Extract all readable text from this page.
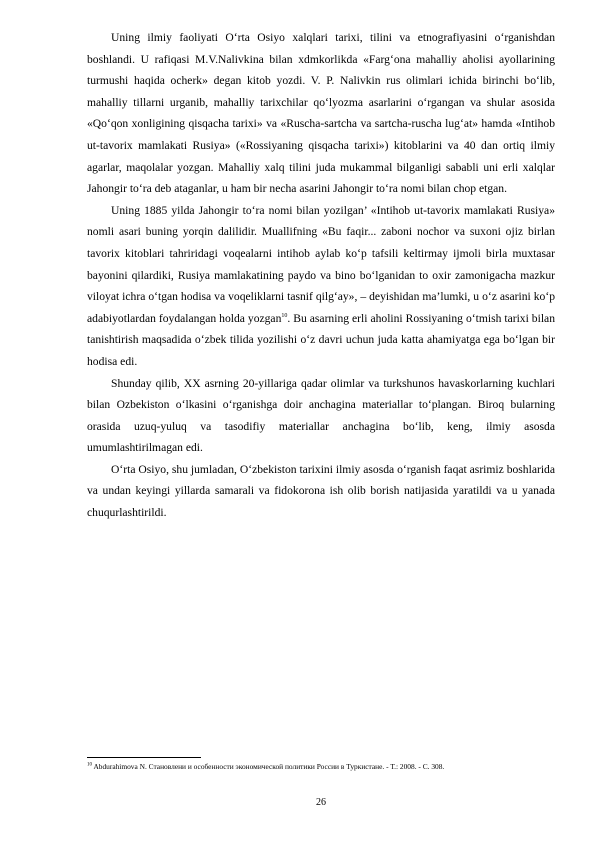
Uning ilmiy faoliyati O‘rta Osiyo xalqlari tarixi, tilini va etnografiyasini o‘rganishdan boshlandi. U rafiqasi M.V.Nalivkina bilan xdmkorlikda «Farg‘ona mahalliy aholisi ayollarining turmushi haqida ocherk» degan kitob yozdi. V. P. Nalivkin rus olimlari ichida birinchi bo‘lib, mahalliy tillarni urganib, mahalliy tarixchilar qo‘lyozma asarlarini o‘rgangan va shular asosida «Qo‘qon xonligining qisqacha tarixi» va «Ruscha-sartcha va sartcha-ruscha lug‘at» hamda «Intihob ut-tavorix mamlakati Rusiya» («Rossiyaning qisqacha tarixi») kitoblarini va 40 dan ortiq ilmiy agarlar, maqolalar yozgan. Mahalliy xalq tilini juda mukammal bilganligi sababli uni erli xalqlar Jahongir to‘ra deb ataganlar, u ham bir necha asarini Jahongir to‘ra nomi bilan chop etgan.

Uning 1885 yilda Jahongir to‘ra nomi bilan yozilgan’ «Intihob ut-tavorix mamlakati Rusiya» nomli asari buning yorqin dalilidir. Muallifning «Bu faqir... zaboni nochor va suxoni ojiz birlan tavorix kitoblari tahriridagi voqealarni intihob aylab ko‘p tafsili keltirmay ijmoli birla muxtasar bayonini qilardiki, Rusiya mamlakatining paydo va bino bo‘lganidan to oxir zamonigacha mazkur viloyat ichra o‘tgan hodisa va voqeliklarni tasnif qilg‘ay», – deyishidan ma’lumki, u o‘z asarini ko‘p adabiyotlardan foydalangan holda yozgan$^{10}$. Bu asarning erli aholini Rossiyaning o‘tmish tarixi bilan tanishtirish maqsadida o‘zbek tilida yozilishi o‘z davri uchun juda katta ahamiyatga ega bo‘lgan bir hodisa edi.

Shunday qilib, XX asrning 20-yillariga qadar olimlar va turkshunos havaskorlarning kuchlari bilan Ozbekiston o‘lkasini o‘rganishga doir anchagina materiallar to‘plangan. Biroq bularning orasida uzuq-yuluq va tasodifiy materiallar anchagina bo‘lib, keng, ilmiy asosda umumlashtirilmagan edi.

O‘rta Osiyo, shu jumladan, O‘zbekiston tarixini ilmiy asosda o‘rganish faqat asrimiz boshlarida va undan keyingi yillarda samarali va fidokorona ish olib borish natijasida yaratildi va u yanada chuqurlashtirildi.

$^{10}$ Abdurahimova N. Становлени и особенности экономической политики России в Туркистане. - Т.: 2008. - С. 308.
26
